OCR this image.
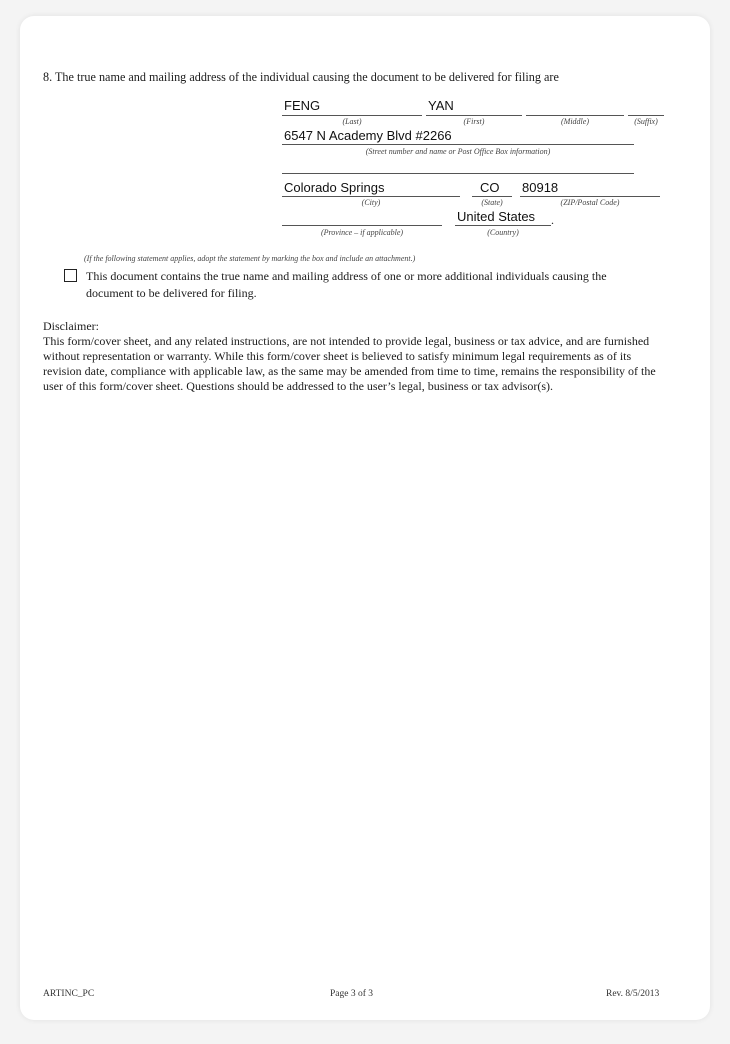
8. The true name and mailing address of the individual causing the document to be delivered for filing are
FENG
(Last)
YAN
(First)	(Middle)	(Suffix)
6547 N Academy Blvd #2266
(Street number and name or Post Office Box information)
Colorado Springs
(City)
CO
(State)
80918
(ZIP/Postal Code)
(Province – if applicable)
United States .
(Country)
(If the following statement applies, adopt the statement by marking the box and include an attachment.)
This document contains the true name and mailing address of one or more additional individuals causing the document to be delivered for filing.
Disclaimer:
This form/cover sheet, and any related instructions, are not intended to provide legal, business or tax advice, and are furnished without representation or warranty. While this form/cover sheet is believed to satisfy minimum legal requirements as of its revision date, compliance with applicable law, as the same may be amended from time to time, remains the responsibility of the user of this form/cover sheet. Questions should be addressed to the user’s legal, business or tax advisor(s).
ARTINC_PC	Page 3 of 3	Rev. 8/5/2013
